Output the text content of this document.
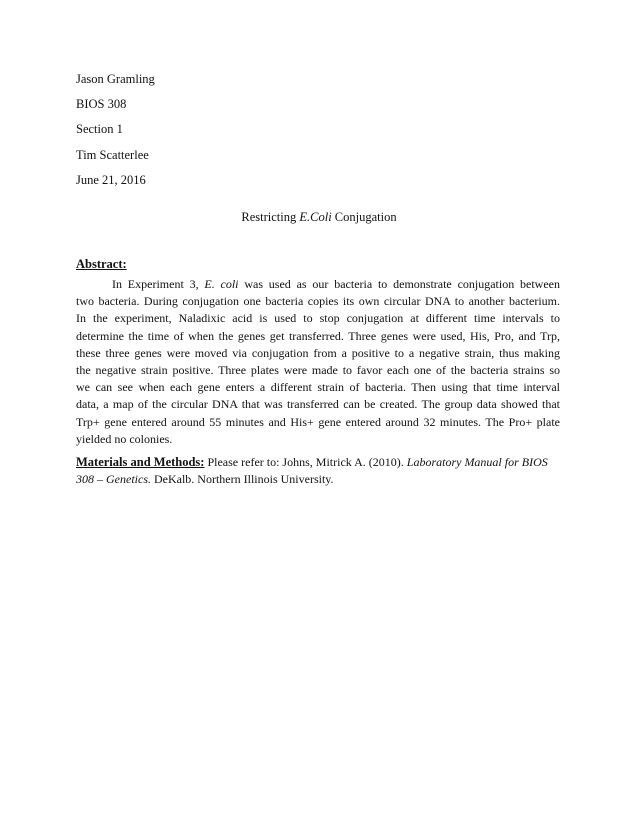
Jason Gramling
BIOS 308
Section 1
Tim Scatterlee
June 21, 2016
Restricting E.Coli Conjugation
Abstract:
In Experiment 3, E. coli was used as our bacteria to demonstrate conjugation between
two bacteria. During conjugation one bacteria copies its own circular DNA to another bacterium.
In the experiment, Naladixic acid is used to stop conjugation at different time intervals to
determine the time of when the genes get transferred. Three genes were used, His, Pro, and Trp,
these three genes were moved via conjugation from a positive to a negative strain, thus making
the negative strain positive. Three plates were made to favor each one of the bacteria strains so
we can see when each gene enters a different strain of bacteria. Then using that time interval
data, a map of the circular DNA that was transferred can be created. The group data showed that
Trp+ gene entered around 55 minutes and His+ gene entered around 32 minutes. The Pro+ plate
yielded no colonies.
Materials and Methods: Please refer to: Johns, Mitrick A. (2010). Laboratory Manual for BIOS
308 – Genetics. DeKalb. Northern Illinois University.
